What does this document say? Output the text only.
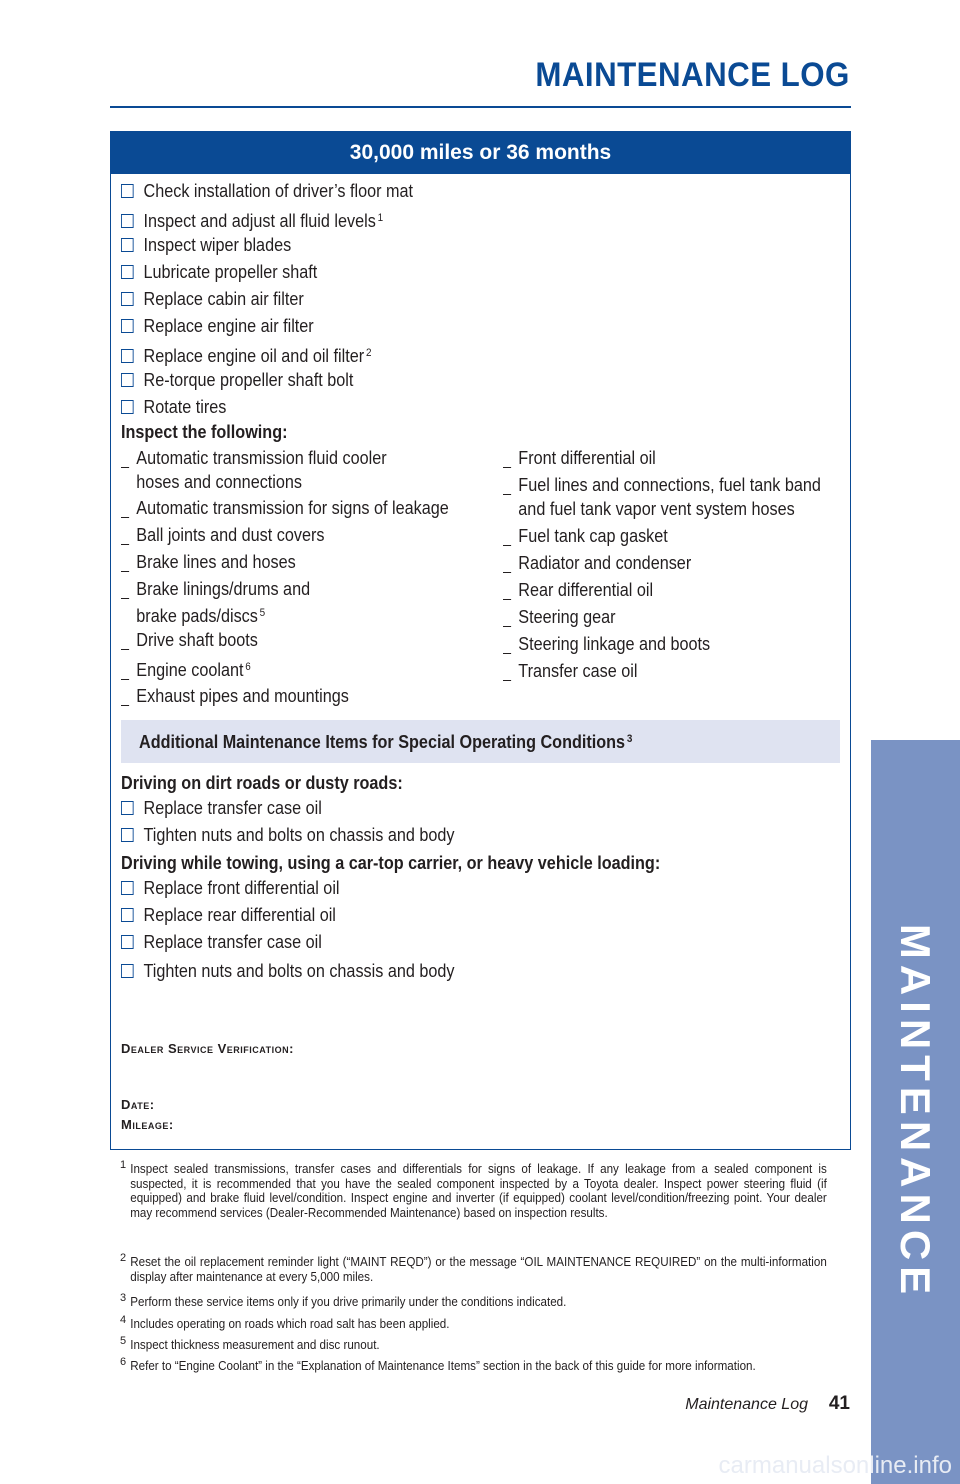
MAINTENANCE LOG
MAINTENANCE
30,000 miles or 36 months
Check installation of driver’s floor mat
Inspect and adjust all fluid levels $^1$
Inspect wiper blades
Lubricate propeller shaft
Replace cabin air filter
Replace engine air filter
Replace engine oil and oil filter $^2$
Re-torque propeller shaft bolt
Rotate tires
Inspect the following:
Automatic transmission fluid cooler
hoses and connections
Automatic transmission for signs of leakage
Ball joints and dust covers
Brake lines and hoses
Brake linings/drums and
brake pads/discs $^5$
Drive shaft boots
Engine coolant $^6$
Exhaust pipes and mountings
Front differential oil
Fuel lines and connections, fuel tank band
and fuel tank vapor vent system hoses
Fuel tank cap gasket
Radiator and condenser
Rear differential oil
Steering gear
Steering linkage and boots
Transfer case oil
Additional Maintenance Items for Special Operating Conditions $^3$
Driving on dirt roads or dusty roads:
Replace transfer case oil
Tighten nuts and bolts on chassis and body
Driving while towing, using a car-top carrier, or heavy vehicle loading:
Replace front differential oil
Replace rear differential oil
Replace transfer case oil
Tighten nuts and bolts on chassis and body
Dealer Service Verification:
Date:
Mileage:
1 Inspect sealed transmissions, transfer cases and differentials for signs of leakage. If any leakage from a sealed component is suspected, it is recommended that you have the sealed component inspected by a Toyota dealer. Inspect power steering fluid (if equipped) and brake fluid level/condition. Inspect engine and inverter (if equipped) coolant level/condition/freezing point. Your dealer may recommend services (Dealer-Recommended Maintenance) based on inspection results.
2 Reset the oil replacement reminder light (“MAINT REQD”) or the message “OIL MAINTENANCE REQUIRED” on the multi-information display after maintenance at every 5,000 miles.
3 Perform these service items only if you drive primarily under the conditions indicated.
4 Includes operating on roads which road salt has been applied.
5 Inspect thickness measurement and disc runout.
6 Refer to “Engine Coolant” in the “Explanation of Maintenance Items” section in the back of this guide for more information.
Maintenance Log 41
carmanualsonline.info
